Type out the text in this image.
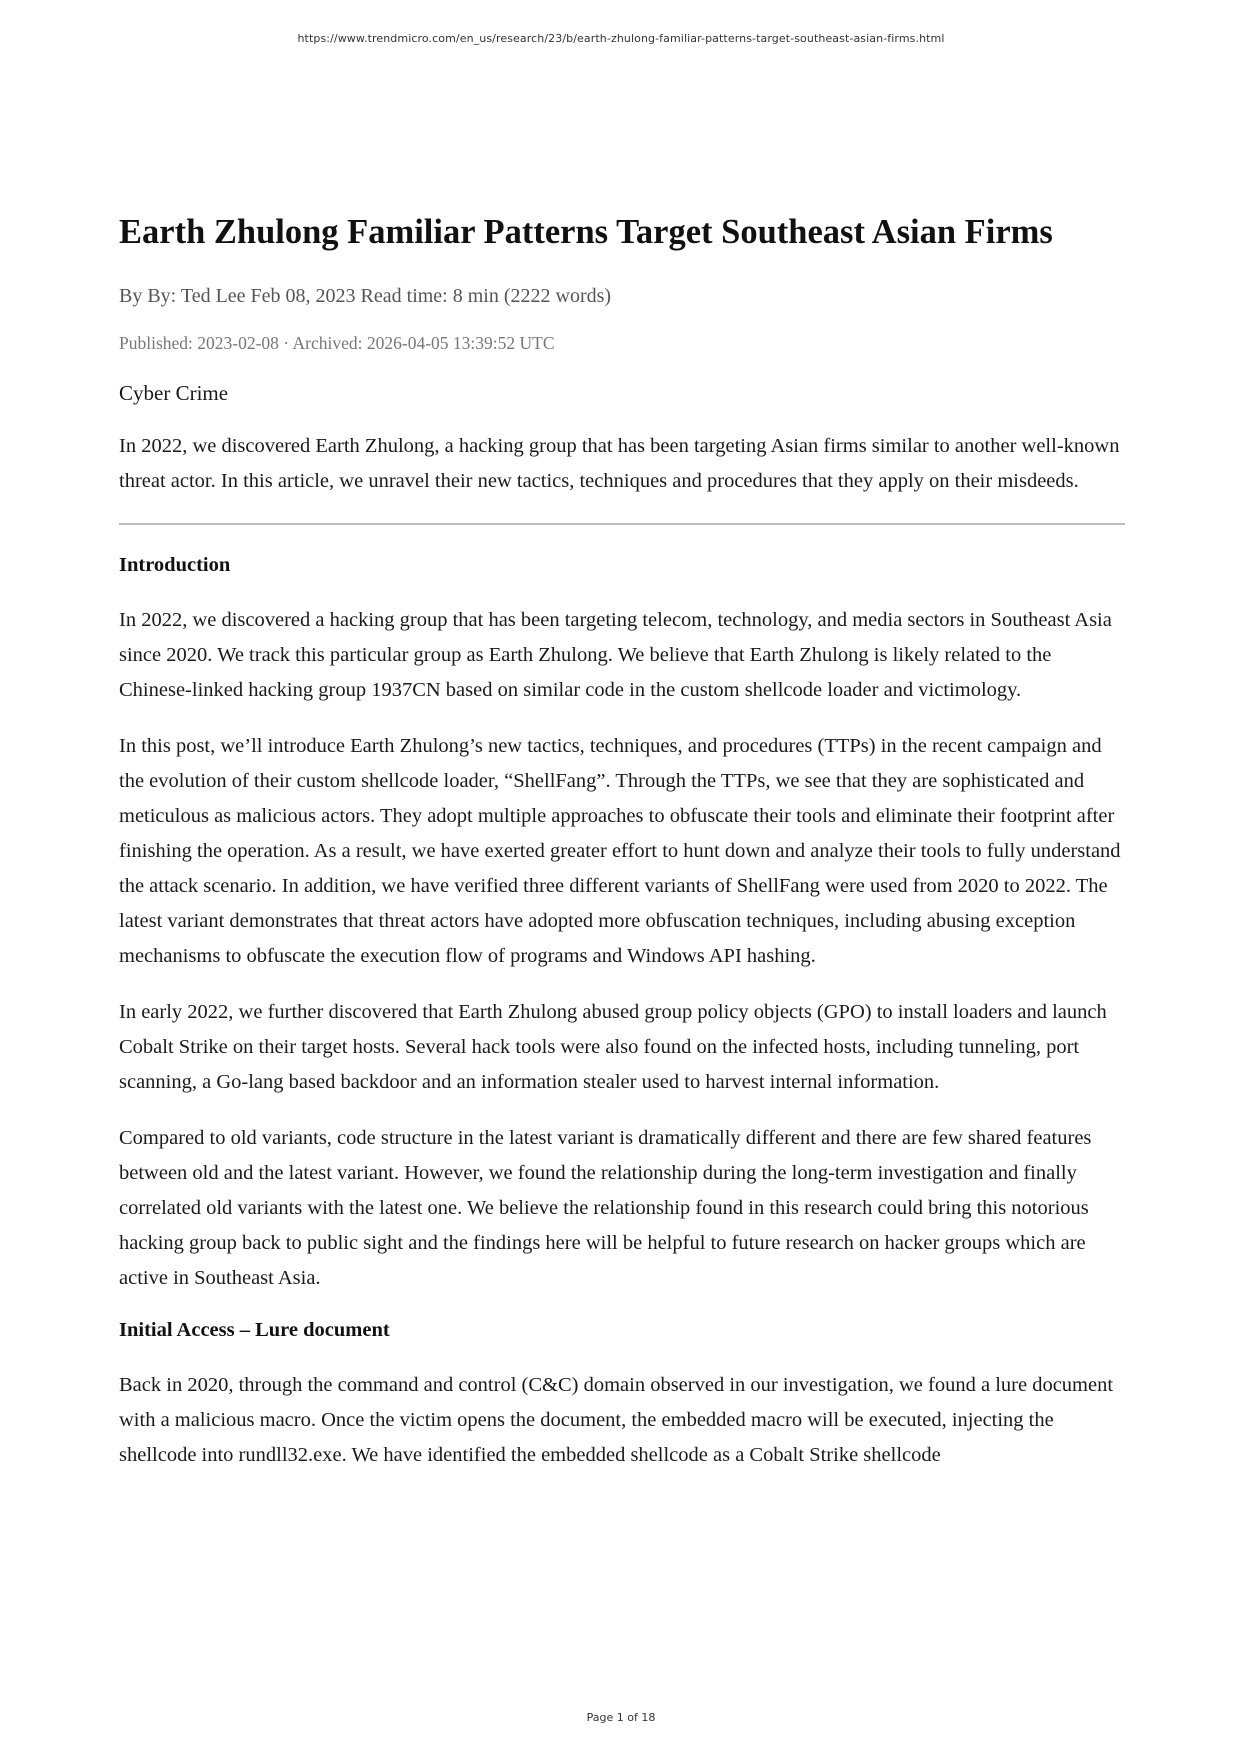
https://www.trendmicro.com/en_us/research/23/b/earth-zhulong-familiar-patterns-target-southeast-asian-firms.html
Earth Zhulong Familiar Patterns Target Southeast Asian Firms
By By: Ted Lee Feb 08, 2023 Read time: 8 min (2222 words)
Published: 2023-02-08 · Archived: 2026-04-05 13:39:52 UTC
Cyber Crime
In 2022, we discovered Earth Zhulong, a hacking group that has been targeting Asian firms similar to another well-known threat actor. In this article, we unravel their new tactics, techniques and procedures that they apply on their misdeeds.
Introduction
In 2022, we discovered a hacking group that has been targeting telecom, technology, and media sectors in Southeast Asia since 2020. We track this particular group as Earth Zhulong. We believe that Earth Zhulong is likely related to the Chinese-linked hacking group 1937CN based on similar code in the custom shellcode loader and victimology.
In this post, we’ll introduce Earth Zhulong’s new tactics, techniques, and procedures (TTPs) in the recent campaign and the evolution of their custom shellcode loader, “ShellFang”. Through the TTPs, we see that they are sophisticated and meticulous as malicious actors. They adopt multiple approaches to obfuscate their tools and eliminate their footprint after finishing the operation. As a result, we have exerted greater effort to hunt down and analyze their tools to fully understand the attack scenario. In addition, we have verified three different variants of ShellFang were used from 2020 to 2022. The latest variant demonstrates that threat actors have adopted more obfuscation techniques, including abusing exception mechanisms to obfuscate the execution flow of programs and Windows API hashing.
In early 2022, we further discovered that Earth Zhulong abused group policy objects (GPO) to install loaders and launch Cobalt Strike on their target hosts. Several hack tools were also found on the infected hosts, including tunneling, port scanning, a Go-lang based backdoor and an information stealer used to harvest internal information.
Compared to old variants, code structure in the latest variant is dramatically different and there are few shared features between old and the latest variant. However, we found the relationship during the long-term investigation and finally correlated old variants with the latest one. We believe the relationship found in this research could bring this notorious hacking group back to public sight and the findings here will be helpful to future research on hacker groups which are active in Southeast Asia.
Initial Access – Lure document
Back in 2020, through the command and control (C&C) domain observed in our investigation, we found a lure document with a malicious macro. Once the victim opens the document, the embedded macro will be executed, injecting the shellcode into rundll32.exe. We have identified the embedded shellcode as a Cobalt Strike shellcode
Page 1 of 18
